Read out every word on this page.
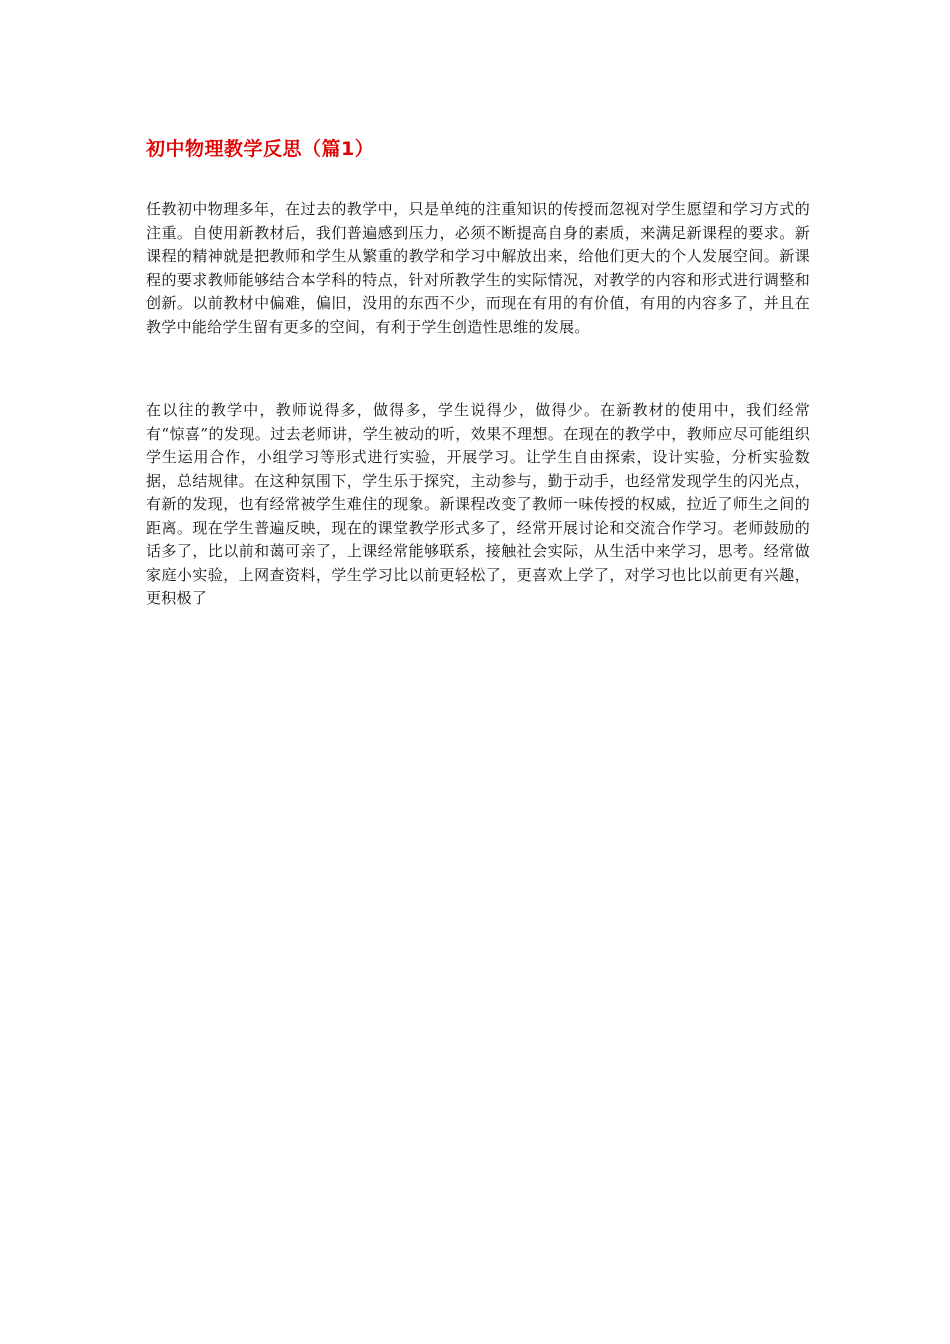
初中物理教学反思（篇1）

任教初中物理多年，在过去的教学中，只是单纯的注重知识的传授而忽视对学生愿望和学习方式的注重。自使用新教材后，我们普遍感到压力，必须不断提高自身的素质，来满足新课程的要求。新课程的精神就是把教师和学生从繁重的教学和学习中解放出来，给他们更大的个人发展空间。新课程的要求教师能够结合本学科的特点，针对所教学生的实际情况，对教学的内容和形式进行调整和创新。以前教材中偏难，偏旧，没用的东西不少，而现在有用的有价值，有用的内容多了，并且在教学中能给学生留有更多的空间，有利于学生创造性思维的发展。

在以往的教学中，教师说得多，做得多，学生说得少，做得少。在新教材的使用中，我们经常有“惊喜”的发现。过去老师讲，学生被动的听，效果不理想。在现在的教学中，教师应尽可能组织学生运用合作，小组学习等形式进行实验，开展学习。让学生自由探索，设计实验，分析实验数据，总结规律。在这种氛围下，学生乐于探究，主动参与，勤于动手，也经常发现学生的闪光点，有新的发现，也有经常被学生难住的现象。新课程改变了教师一味传授的权威，拉近了师生之间的距离。现在学生普遍反映，现在的课堂教学形式多了，经常开展讨论和交流合作学习。老师鼓励的话多了，比以前和蔼可亲了，上课经常能够联系，接触社会实际，从生活中来学习，思考。经常做家庭小实验，上网查资料，学生学习比以前更轻松了，更喜欢上学了，对学习也比以前更有兴趣，更积极了
